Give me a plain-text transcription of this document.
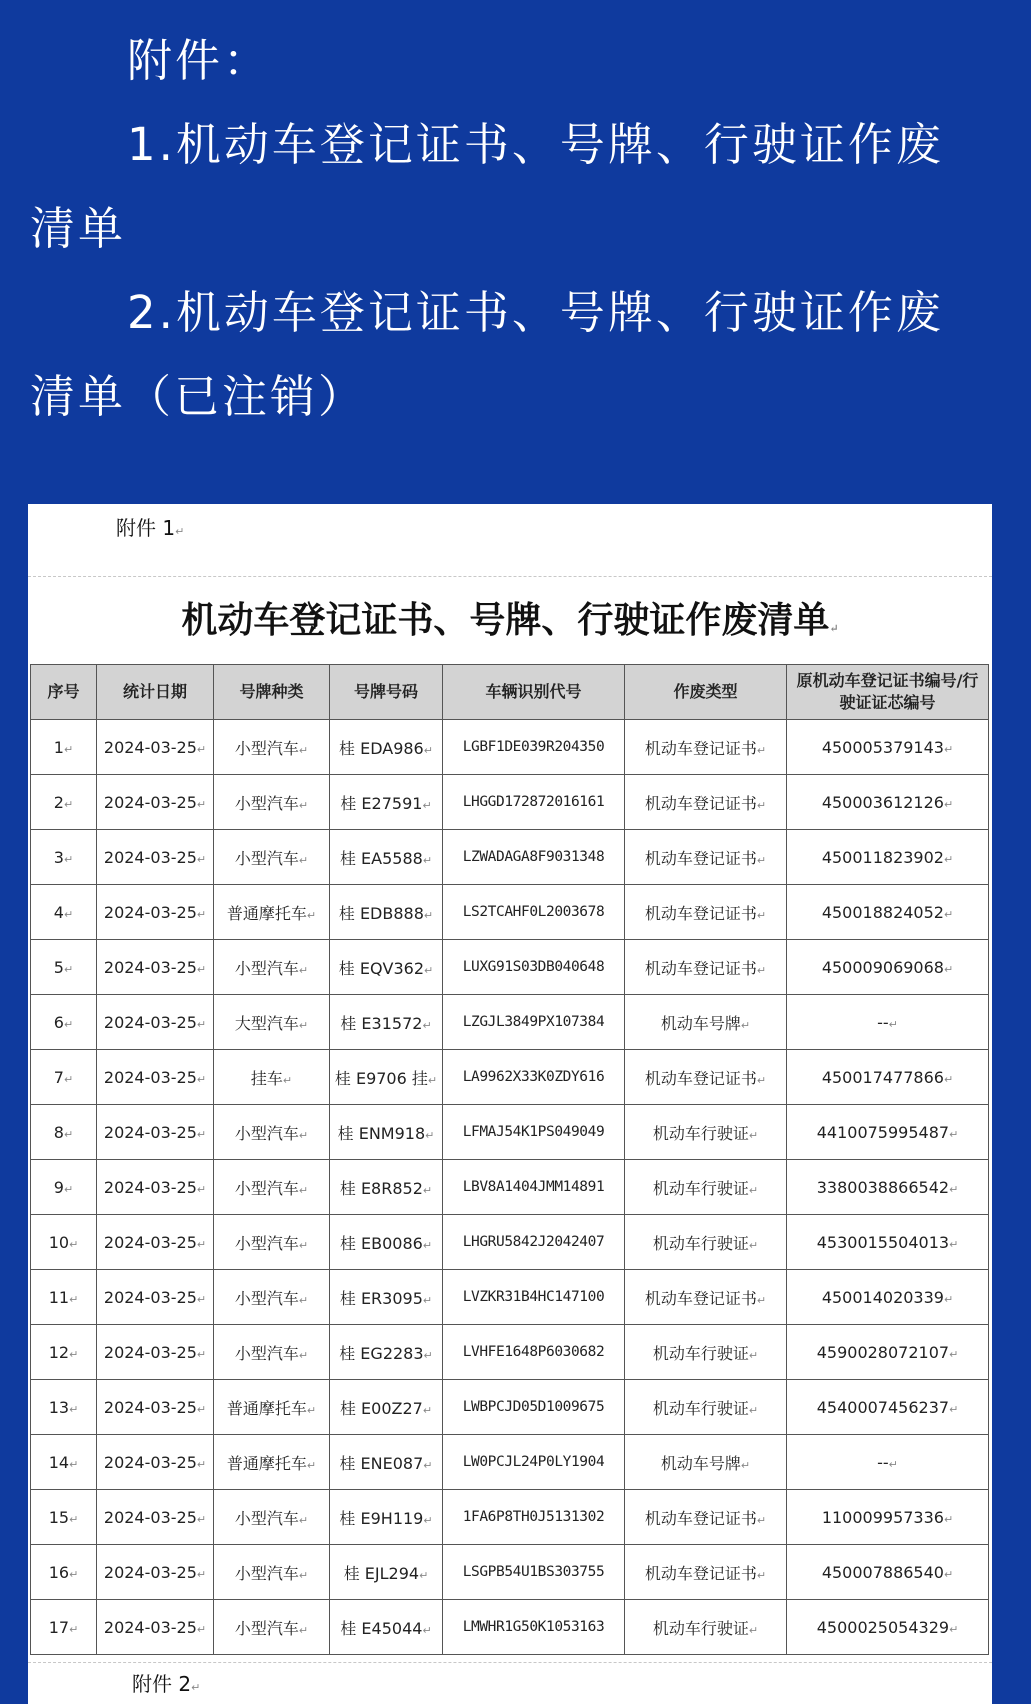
附件：
1.机动车登记证书、号牌、行驶证作废
清单
2.机动车登记证书、号牌、行驶证作废
清单（已注销）
附件 1↵
机动车登记证书、号牌、行驶证作废清单↵
序号	统计日期	号牌种类	号牌号码	车辆识别代号	作废类型	原机动车登记证书编号/行驶证证芯编号
1↵	2024-03-25↵	小型汽车↵	桂 EDA986↵	LGBF1DE039R204350	机动车登记证书↵	450005379143↵
2↵	2024-03-25↵	小型汽车↵	桂 E27591↵	LHGGD172872016161	机动车登记证书↵	450003612126↵
3↵	2024-03-25↵	小型汽车↵	桂 EA5588↵	LZWADAGA8F9031348	机动车登记证书↵	450011823902↵
4↵	2024-03-25↵	普通摩托车↵	桂 EDB888↵	LS2TCAHF0L2003678	机动车登记证书↵	450018824052↵
5↵	2024-03-25↵	小型汽车↵	桂 EQV362↵	LUXG91S03DB040648	机动车登记证书↵	450009069068↵
6↵	2024-03-25↵	大型汽车↵	桂 E31572↵	LZGJL3849PX107384	机动车号牌↵	--↵
7↵	2024-03-25↵	挂车↵	桂 E9706 挂↵	LA9962X33K0ZDY616	机动车登记证书↵	450017477866↵
8↵	2024-03-25↵	小型汽车↵	桂 ENM918↵	LFMAJ54K1PS049049	机动车行驶证↵	4410075995487↵
9↵	2024-03-25↵	小型汽车↵	桂 E8R852↵	LBV8A1404JMM14891	机动车行驶证↵	3380038866542↵
10↵	2024-03-25↵	小型汽车↵	桂 EB0086↵	LHGRU5842J2042407	机动车行驶证↵	4530015504013↵
11↵	2024-03-25↵	小型汽车↵	桂 ER3095↵	LVZKR31B4HC147100	机动车登记证书↵	450014020339↵
12↵	2024-03-25↵	小型汽车↵	桂 EG2283↵	LVHFE1648P6030682	机动车行驶证↵	4590028072107↵
13↵	2024-03-25↵	普通摩托车↵	桂 E00Z27↵	LWBPCJD05D1009675	机动车行驶证↵	4540007456237↵
14↵	2024-03-25↵	普通摩托车↵	桂 ENE087↵	LW0PCJL24P0LY1904	机动车号牌↵	--↵
15↵	2024-03-25↵	小型汽车↵	桂 E9H119↵	1FA6P8TH0J5131302	机动车登记证书↵	110009957336↵
16↵	2024-03-25↵	小型汽车↵	桂 EJL294↵	LSGPB54U1BS303755	机动车登记证书↵	450007886540↵
17↵	2024-03-25↵	小型汽车↵	桂 E45044↵	LMWHR1G50K1053163	机动车行驶证↵	4500025054329↵
附件 2↵
